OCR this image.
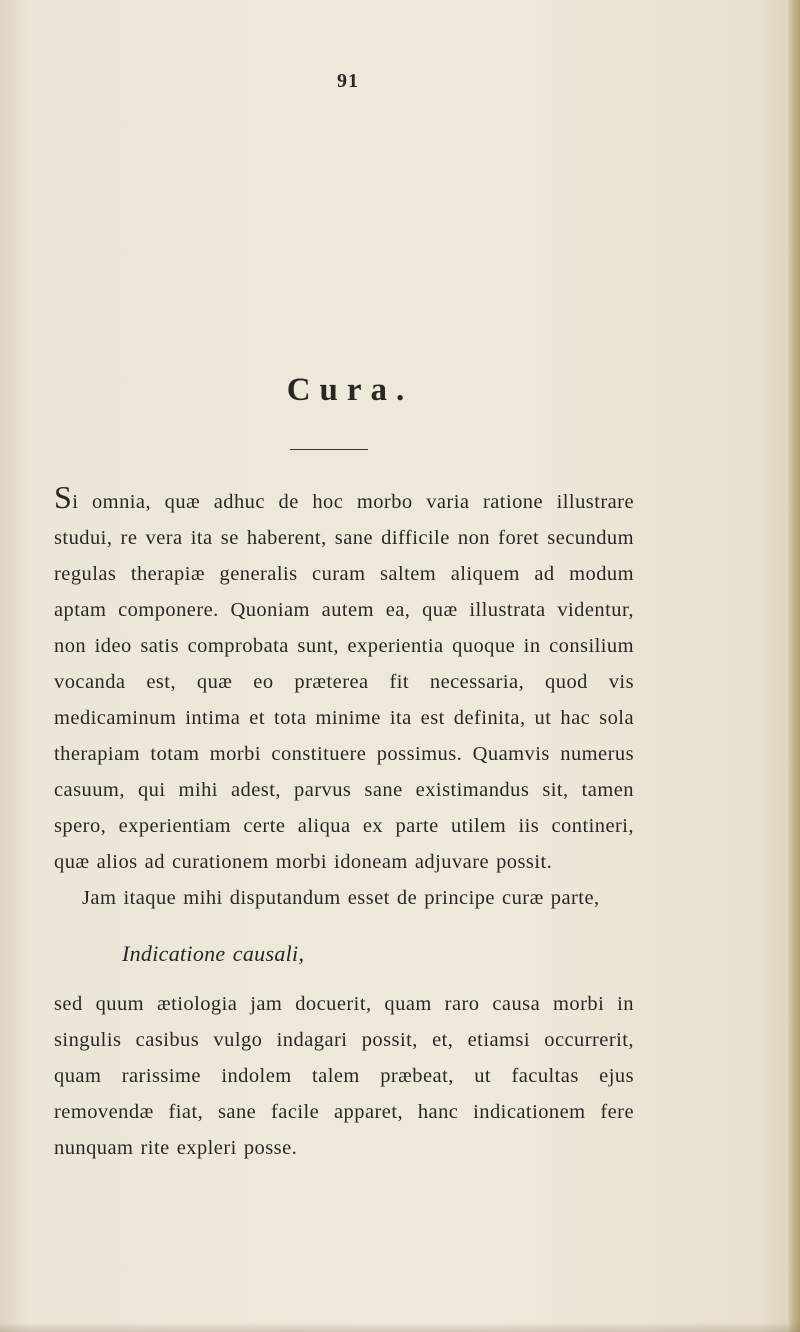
91
Cura.

Si omnia, quæ adhuc de hoc morbo varia ratione illustrare studui, re vera ita se haberent, sane difficile non foret secundum regulas therapiæ generalis curam saltem aliquem ad modum aptam componere. Quoniam autem ea, quæ illustrata videntur, non ideo satis comprobata sunt, experientia quoque in consilium vocanda est, quæ eo præterea fit necessaria, quod vis medicaminum intima et tota minime ita est definita, ut hac sola therapiam totam morbi constituere possimus. Quamvis numerus casuum, qui mihi adest, parvus sane existimandus sit, tamen spero, experientiam certe aliqua ex parte utilem iis contineri, quæ alios ad curationem morbi idoneam adjuvare possit.

Jam itaque mihi disputandum esset de principe curæ parte,

Indicatione causali,

sed quum ætiologia jam docuerit, quam raro causa morbi in singulis casibus vulgo indagari possit, et, etiamsi occurrerit, quam rarissime indolem talem præbeat, ut facultas ejus removendæ fiat, sane facile apparet, hanc indicationem fere nunquam rite expleri posse.
